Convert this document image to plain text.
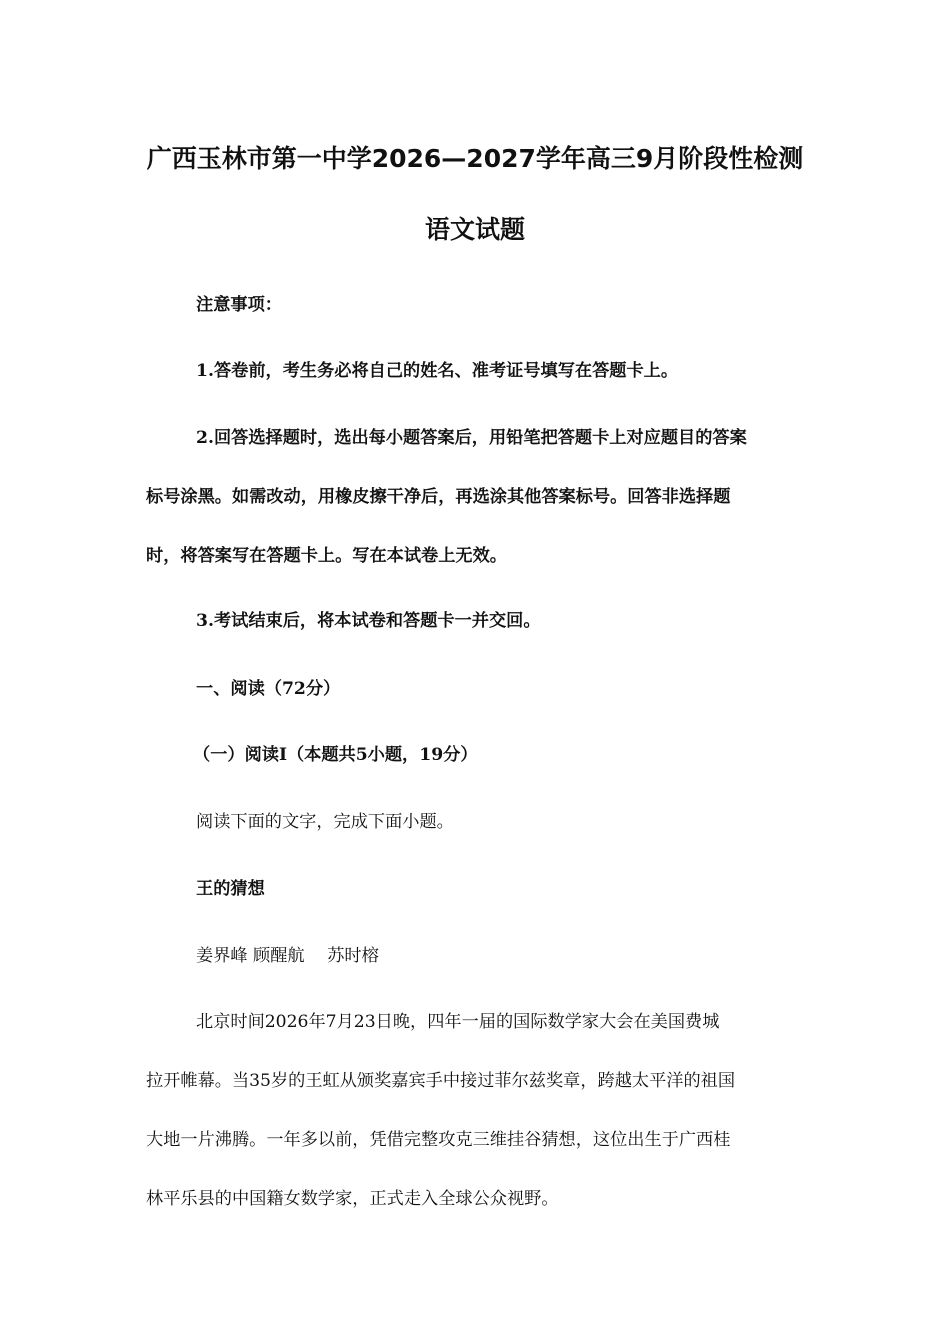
广西玉林市第一中学2026—2027学年高三9月阶段性检测
语文试题
注意事项：
1.答卷前，考生务必将自己的姓名、准考证号填写在答题卡上。
2.回答选择题时，选出每小题答案后，用铅笔把答题卡上对应题目的答案
标号涂黑。如需改动，用橡皮擦干净后，再选涂其他答案标号。回答非选择题
时，将答案写在答题卡上。写在本试卷上无效。
3.考试结束后，将本试卷和答题卡一并交回。
一、阅读（72分）
（一）阅读Ⅰ（本题共5小题，19分）
阅读下面的文字，完成下面小题。
王的猜想
姜界峰 顾醒航　 苏时榕
北京时间2026年7月23日晚，四年一届的国际数学家大会在美国费城
拉开帷幕。当35岁的王虹从颁奖嘉宾手中接过菲尔兹奖章，跨越太平洋的祖国
大地一片沸腾。一年多以前，凭借完整攻克三维挂谷猜想，这位出生于广西桂
林平乐县的中国籍女数学家，正式走入全球公众视野。
